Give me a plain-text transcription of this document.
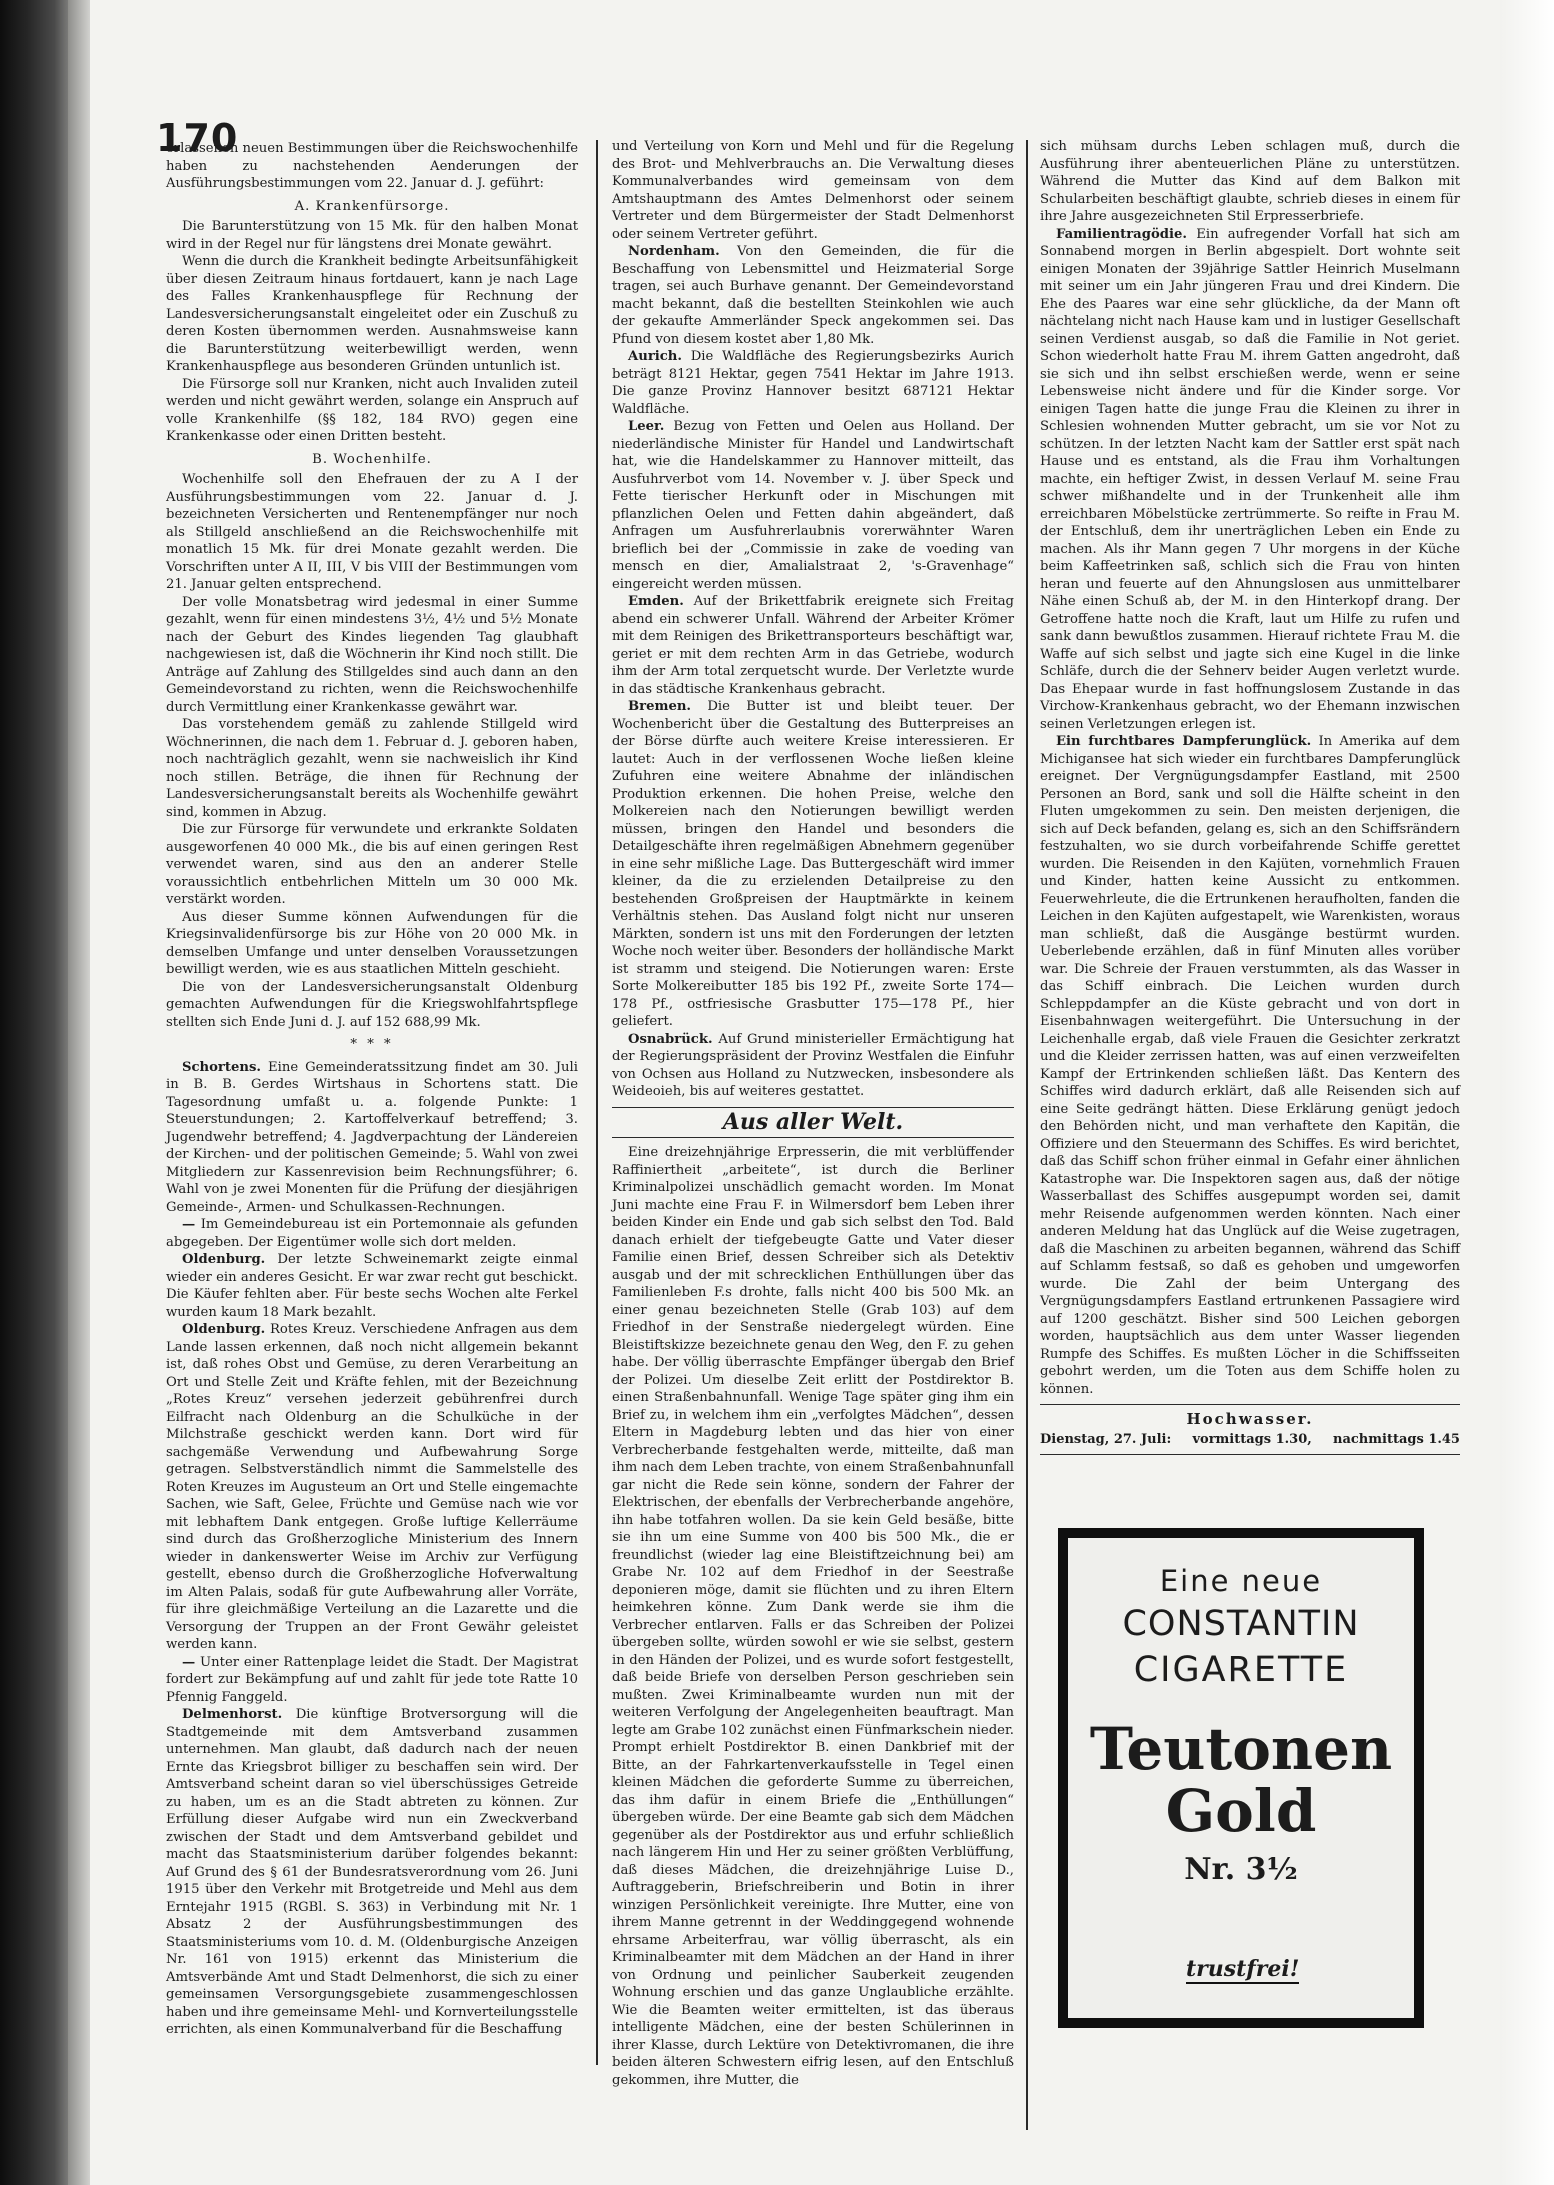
170

erlassenen neuen Bestimmungen über die Reichswochenhilfe haben zu nachstehenden Aenderungen der Ausführungsbestimmungen vom 22. Januar d. J. geführt:

A. Krankenfürsorge.

Die Barunterstützung von 15 Mk. für den halben Monat wird in der Regel nur für längstens drei Monate gewährt.

Wenn die durch die Krankheit bedingte Arbeitsunfähigkeit über diesen Zeitraum hinaus fortdauert, kann je nach Lage des Falles Krankenhauspflege für Rechnung der Landesversicherungsanstalt eingeleitet oder ein Zuschuß zu deren Kosten übernommen werden. Ausnahmsweise kann die Barunterstützung weiterbewilligt werden, wenn Krankenhauspflege aus besonderen Gründen untunlich ist.

Die Fürsorge soll nur Kranken, nicht auch Invaliden zuteil werden und nicht gewährt werden, solange ein Anspruch auf volle Krankenhilfe (§§ 182, 184 RVO) gegen eine Krankenkasse oder einen Dritten besteht.

B. Wochenhilfe.

Wochenhilfe soll den Ehefrauen der zu A I der Ausführungsbestimmungen vom 22. Januar d. J. bezeichneten Versicherten und Rentenempfänger nur noch als Stillgeld anschließend an die Reichswochenhilfe mit monatlich 15 Mk. für drei Monate gezahlt werden. Die Vorschriften unter A II, III, V bis VIII der Bestimmungen vom 21. Januar gelten entsprechend.

Der volle Monatsbetrag wird jedesmal in einer Summe gezahlt, wenn für einen mindestens 3½, 4½ und 5½ Monate nach der Geburt des Kindes liegenden Tag glaubhaft nachgewiesen ist, daß die Wöchnerin ihr Kind noch stillt. Die Anträge auf Zahlung des Stillgeldes sind auch dann an den Gemeindevorstand zu richten, wenn die Reichswochenhilfe durch Vermittlung einer Krankenkasse gewährt war.

Das vorstehendem gemäß zu zahlende Stillgeld wird Wöchnerinnen, die nach dem 1. Februar d. J. geboren haben, noch nachträglich gezahlt, wenn sie nachweislich ihr Kind noch stillen. Beträge, die ihnen für Rechnung der Landesversicherungsanstalt bereits als Wochenhilfe gewährt sind, kommen in Abzug.

Die zur Fürsorge für verwundete und erkrankte Soldaten ausgeworfenen 40 000 Mk., die bis auf einen geringen Rest verwendet waren, sind aus den an anderer Stelle voraussichtlich entbehrlichen Mitteln um 30 000 Mk. verstärkt worden.

Aus dieser Summe können Aufwendungen für die Kriegsinvalidenfürsorge bis zur Höhe von 20 000 Mk. in demselben Umfange und unter denselben Voraussetzungen bewilligt werden, wie es aus staatlichen Mitteln geschieht.

Die von der Landesversicherungsanstalt Oldenburg gemachten Aufwendungen für die Kriegswohlfahrtspflege stellten sich Ende Juni d. J. auf 152 688,99 Mk.

* * *

Schortens. Eine Gemeinderatssitzung findet am 30. Juli in B. B. Gerdes Wirtshaus in Schortens statt. Die Tagesordnung umfaßt u. a. folgende Punkte: 1 Steuerstundungen; 2. Kartoffelverkauf betreffend; 3. Jugendwehr betreffend; 4. Jagdverpachtung der Ländereien der Kirchen- und der politischen Gemeinde; 5. Wahl von zwei Mitgliedern zur Kassenrevision beim Rechnungsführer; 6. Wahl von je zwei Monenten für die Prüfung der diesjährigen Gemeinde-, Armen- und Schulkassen-Rechnungen.

— Im Gemeindebureau ist ein Portemonnaie als gefunden abgegeben. Der Eigentümer wolle sich dort melden.

Oldenburg. Der letzte Schweinemarkt zeigte einmal wieder ein anderes Gesicht. Er war zwar recht gut beschickt. Die Käufer fehlten aber. Für beste sechs Wochen alte Ferkel wurden kaum 18 Mark bezahlt.

Oldenburg. Rotes Kreuz. Verschiedene Anfragen aus dem Lande lassen erkennen, daß noch nicht allgemein bekannt ist, daß rohes Obst und Gemüse, zu deren Verarbeitung an Ort und Stelle Zeit und Kräfte fehlen, mit der Bezeichnung „Rotes Kreuz“ versehen jederzeit gebührenfrei durch Eilfracht nach Oldenburg an die Schulküche in der Milchstraße geschickt werden kann. Dort wird für sachgemäße Verwendung und Aufbewahrung Sorge getragen. Selbstverständlich nimmt die Sammelstelle des Roten Kreuzes im Augusteum an Ort und Stelle eingemachte Sachen, wie Saft, Gelee, Früchte und Gemüse nach wie vor mit lebhaftem Dank entgegen. Große luftige Kellerräume sind durch das Großherzogliche Ministerium des Innern wieder in dankenswerter Weise im Archiv zur Verfügung gestellt, ebenso durch die Großherzogliche Hofverwaltung im Alten Palais, sodaß für gute Aufbewahrung aller Vorräte, für ihre gleichmäßige Verteilung an die Lazarette und die Versorgung der Truppen an der Front Gewähr geleistet werden kann.

— Unter einer Rattenplage leidet die Stadt. Der Magistrat fordert zur Bekämpfung auf und zahlt für jede tote Ratte 10 Pfennig Fanggeld.

Delmenhorst. Die künftige Brotversorgung will die Stadtgemeinde mit dem Amtsverband zusammen unternehmen. Man glaubt, daß dadurch nach der neuen Ernte das Kriegsbrot billiger zu beschaffen sein wird. Der Amtsverband scheint daran so viel überschüssiges Getreide zu haben, um es an die Stadt abtreten zu können. Zur Erfüllung dieser Aufgabe wird nun ein Zweckverband zwischen der Stadt und dem Amtsverband gebildet und macht das Staatsministerium darüber folgendes bekannt: Auf Grund des § 61 der Bundesratsverordnung vom 26. Juni 1915 über den Verkehr mit Brotgetreide und Mehl aus dem Erntejahr 1915 (RGBl. S. 363) in Verbindung mit Nr. 1 Absatz 2 der Ausführungsbestimmungen des Staatsministeriums vom 10. d. M. (Oldenburgische Anzeigen Nr. 161 von 1915) erkennt das Ministerium die Amtsverbände Amt und Stadt Delmenhorst, die sich zu einer gemeinsamen Versorgungsgebiete zusammengeschlossen haben und ihre gemeinsame Mehl- und Kornverteilungsstelle errichten, als einen Kommunalverband für die Beschaffung

und Verteilung von Korn und Mehl und für die Regelung des Brot- und Mehlverbrauchs an. Die Verwaltung dieses Kommunalverbandes wird gemeinsam von dem Amtshauptmann des Amtes Delmenhorst oder seinem Vertreter und dem Bürgermeister der Stadt Delmenhorst oder seinem Vertreter geführt.

Nordenham. Von den Gemeinden, die für die Beschaffung von Lebensmittel und Heizmaterial Sorge tragen, sei auch Burhave genannt. Der Gemeindevorstand macht bekannt, daß die bestellten Steinkohlen wie auch der gekaufte Ammerländer Speck angekommen sei. Das Pfund von diesem kostet aber 1,80 Mk.

Aurich. Die Waldfläche des Regierungsbezirks Aurich beträgt 8121 Hektar, gegen 7541 Hektar im Jahre 1913. Die ganze Provinz Hannover besitzt 687121 Hektar Waldfläche.

Leer. Bezug von Fetten und Oelen aus Holland. Der niederländische Minister für Handel und Landwirtschaft hat, wie die Handelskammer zu Hannover mitteilt, das Ausfuhrverbot vom 14. November v. J. über Speck und Fette tierischer Herkunft oder in Mischungen mit pflanzlichen Oelen und Fetten dahin abgeändert, daß Anfragen um Ausfuhrerlaubnis vorerwähnter Waren brieflich bei der „Commissie in zake de voeding van mensch en dier, Amalialstraat 2, 's-Gravenhage“ eingereicht werden müssen.

Emden. Auf der Brikettfabrik ereignete sich Freitag abend ein schwerer Unfall. Während der Arbeiter Krömer mit dem Reinigen des Brikettransporteurs beschäftigt war, geriet er mit dem rechten Arm in das Getriebe, wodurch ihm der Arm total zerquetscht wurde. Der Verletzte wurde in das städtische Krankenhaus gebracht.

Bremen. Die Butter ist und bleibt teuer. Der Wochenbericht über die Gestaltung des Butterpreises an der Börse dürfte auch weitere Kreise interessieren. Er lautet: Auch in der verflossenen Woche ließen kleine Zufuhren eine weitere Abnahme der inländischen Produktion erkennen. Die hohen Preise, welche den Molkereien nach den Notierungen bewilligt werden müssen, bringen den Handel und besonders die Detailgeschäfte ihren regelmäßigen Abnehmern gegenüber in eine sehr mißliche Lage. Das Buttergeschäft wird immer kleiner, da die zu erzielenden Detailpreise zu den bestehenden Großpreisen der Hauptmärkte in keinem Verhältnis stehen. Das Ausland folgt nicht nur unseren Märkten, sondern ist uns mit den Forderungen der letzten Woche noch weiter über. Besonders der holländische Markt ist stramm und steigend. Die Notierungen waren: Erste Sorte Molkereibutter 185 bis 192 Pf., zweite Sorte 174—178 Pf., ostfriesische Grasbutter 175—178 Pf., hier geliefert.

Osnabrück. Auf Grund ministerieller Ermächtigung hat der Regierungspräsident der Provinz Westfalen die Einfuhr von Ochsen aus Holland zu Nutzwecken, insbesondere als Weideoieh, bis auf weiteres gestattet.

Aus aller Welt.

Eine dreizehnjährige Erpresserin, die mit verblüffender Raffiniertheit „arbeitete“, ist durch die Berliner Kriminalpolizei unschädlich gemacht worden. Im Monat Juni machte eine Frau F. in Wilmersdorf bem Leben ihrer beiden Kinder ein Ende und gab sich selbst den Tod. Bald danach erhielt der tiefgebeugte Gatte und Vater dieser Familie einen Brief, dessen Schreiber sich als Detektiv ausgab und der mit schrecklichen Enthüllungen über das Familienleben F.s drohte, falls nicht 400 bis 500 Mk. an einer genau bezeichneten Stelle (Grab 103) auf dem Friedhof in der Senstraße niedergelegt würden. Eine Bleistiftskizze bezeichnete genau den Weg, den F. zu gehen habe. Der völlig überraschte Empfänger übergab den Brief der Polizei. Um dieselbe Zeit erlitt der Postdirektor B. einen Straßenbahnunfall. Wenige Tage später ging ihm ein Brief zu, in welchem ihm ein „verfolgtes Mädchen“, dessen Eltern in Magdeburg lebten und das hier von einer Verbrecherbande festgehalten werde, mitteilte, daß man ihm nach dem Leben trachte, von einem Straßenbahnunfall gar nicht die Rede sein könne, sondern der Fahrer der Elektrischen, der ebenfalls der Verbrecherbande angehöre, ihn habe totfahren wollen. Da sie kein Geld besäße, bitte sie ihn um eine Summe von 400 bis 500 Mk., die er freundlichst (wieder lag eine Bleistiftzeichnung bei) am Grabe Nr. 102 auf dem Friedhof in der Seestraße deponieren möge, damit sie flüchten und zu ihren Eltern heimkehren könne. Zum Dank werde sie ihm die Verbrecher entlarven. Falls er das Schreiben der Polizei übergeben sollte, würden sowohl er wie sie selbst, gestern in den Händen der Polizei, und es wurde sofort festgestellt, daß beide Briefe von derselben Person geschrieben sein mußten. Zwei Kriminalbeamte wurden nun mit der weiteren Verfolgung der Angelegenheiten beauftragt. Man legte am Grabe 102 zunächst einen Fünfmarkschein nieder. Prompt erhielt Postdirektor B. einen Dankbrief mit der Bitte, an der Fahrkartenverkaufsstelle in Tegel einen kleinen Mädchen die geforderte Summe zu überreichen, das ihm dafür in einem Briefe die „Enthüllungen“ übergeben würde. Der eine Beamte gab sich dem Mädchen gegenüber als der Postdirektor aus und erfuhr schließlich nach längerem Hin und Her zu seiner größten Verblüffung, daß dieses Mädchen, die dreizehnjährige Luise D., Auftraggeberin, Briefschreiberin und Botin in ihrer winzigen Persönlichkeit vereinigte. Ihre Mutter, eine von ihrem Manne getrennt in der Weddinggegend wohnende ehrsame Arbeiterfrau, war völlig überrascht, als ein Kriminalbeamter mit dem Mädchen an der Hand in ihrer von Ordnung und peinlicher Sauberkeit zeugenden Wohnung erschien und das ganze Unglaubliche erzählte. Wie die Beamten weiter ermittelten, ist das überaus intelligente Mädchen, eine der besten Schülerinnen in ihrer Klasse, durch Lektüre von Detektivromanen, die ihre beiden älteren Schwestern eifrig lesen, auf den Entschluß gekommen, ihre Mutter, die

sich mühsam durchs Leben schlagen muß, durch die Ausführung ihrer abenteuerlichen Pläne zu unterstützen. Während die Mutter das Kind auf dem Balkon mit Schularbeiten beschäftigt glaubte, schrieb dieses in einem für ihre Jahre ausgezeichneten Stil Erpresserbriefe.

Familientragödie. Ein aufregender Vorfall hat sich am Sonnabend morgen in Berlin abgespielt. Dort wohnte seit einigen Monaten der 39jährige Sattler Heinrich Muselmann mit seiner um ein Jahr jüngeren Frau und drei Kindern. Die Ehe des Paares war eine sehr glückliche, da der Mann oft nächtelang nicht nach Hause kam und in lustiger Gesellschaft seinen Verdienst ausgab, so daß die Familie in Not geriet. Schon wiederholt hatte Frau M. ihrem Gatten angedroht, daß sie sich und ihn selbst erschießen werde, wenn er seine Lebensweise nicht ändere und für die Kinder sorge. Vor einigen Tagen hatte die junge Frau die Kleinen zu ihrer in Schlesien wohnenden Mutter gebracht, um sie vor Not zu schützen. In der letzten Nacht kam der Sattler erst spät nach Hause und es entstand, als die Frau ihm Vorhaltungen machte, ein heftiger Zwist, in dessen Verlauf M. seine Frau schwer mißhandelte und in der Trunkenheit alle ihm erreichbaren Möbelstücke zertrümmerte. So reifte in Frau M. der Entschluß, dem ihr unerträglichen Leben ein Ende zu machen. Als ihr Mann gegen 7 Uhr morgens in der Küche beim Kaffeetrinken saß, schlich sich die Frau von hinten heran und feuerte auf den Ahnungslosen aus unmittelbarer Nähe einen Schuß ab, der M. in den Hinterkopf drang. Der Getroffene hatte noch die Kraft, laut um Hilfe zu rufen und sank dann bewußtlos zusammen. Hierauf richtete Frau M. die Waffe auf sich selbst und jagte sich eine Kugel in die linke Schläfe, durch die der Sehnerv beider Augen verletzt wurde. Das Ehepaar wurde in fast hoffnungslosem Zustande in das Virchow-Krankenhaus gebracht, wo der Ehemann inzwischen seinen Verletzungen erlegen ist.

Ein furchtbares Dampferunglück. In Amerika auf dem Michigansee hat sich wieder ein furchtbares Dampferunglück ereignet. Der Vergnügungsdampfer Eastland, mit 2500 Personen an Bord, sank und soll die Hälfte scheint in den Fluten umgekommen zu sein. Den meisten derjenigen, die sich auf Deck befanden, gelang es, sich an den Schiffsrändern festzuhalten, wo sie durch vorbeifahrende Schiffe gerettet wurden. Die Reisenden in den Kajüten, vornehmlich Frauen und Kinder, hatten keine Aussicht zu entkommen. Feuerwehrleute, die die Ertrunkenen heraufholten, fanden die Leichen in den Kajüten aufgestapelt, wie Warenkisten, woraus man schließt, daß die Ausgänge bestürmt wurden. Ueberlebende erzählen, daß in fünf Minuten alles vorüber war. Die Schreie der Frauen verstummten, als das Wasser in das Schiff einbrach. Die Leichen wurden durch Schleppdampfer an die Küste gebracht und von dort in Eisenbahnwagen weitergeführt. Die Untersuchung in der Leichenhalle ergab, daß viele Frauen die Gesichter zerkratzt und die Kleider zerrissen hatten, was auf einen verzweifelten Kampf der Ertrinkenden schließen läßt. Das Kentern des Schiffes wird dadurch erklärt, daß alle Reisenden sich auf eine Seite gedrängt hätten. Diese Erklärung genügt jedoch den Behörden nicht, und man verhaftete den Kapitän, die Offiziere und den Steuermann des Schiffes. Es wird berichtet, daß das Schiff schon früher einmal in Gefahr einer ähnlichen Katastrophe war. Die Inspektoren sagen aus, daß der nötige Wasserballast des Schiffes ausgepumpt worden sei, damit mehr Reisende aufgenommen werden könnten. Nach einer anderen Meldung hat das Unglück auf die Weise zugetragen, daß die Maschinen zu arbeiten begannen, während das Schiff auf Schlamm festsaß, so daß es gehoben und umgeworfen wurde. Die Zahl der beim Untergang des Vergnügungsdampfers Eastland ertrunkenen Passagiere wird auf 1200 geschätzt. Bisher sind 500 Leichen geborgen worden, hauptsächlich aus dem unter Wasser liegenden Rumpfe des Schiffes. Es mußten Löcher in die Schiffsseiten gebohrt werden, um die Toten aus dem Schiffe holen zu können.

Hochwasser.
Dienstag, 27. Juli: vormittags 1.30, nachmittags 1.45
Eine neue
CONSTANTIN
CIGARETTE
Teutonen
Gold
Nr. 3½
trustfrei!
